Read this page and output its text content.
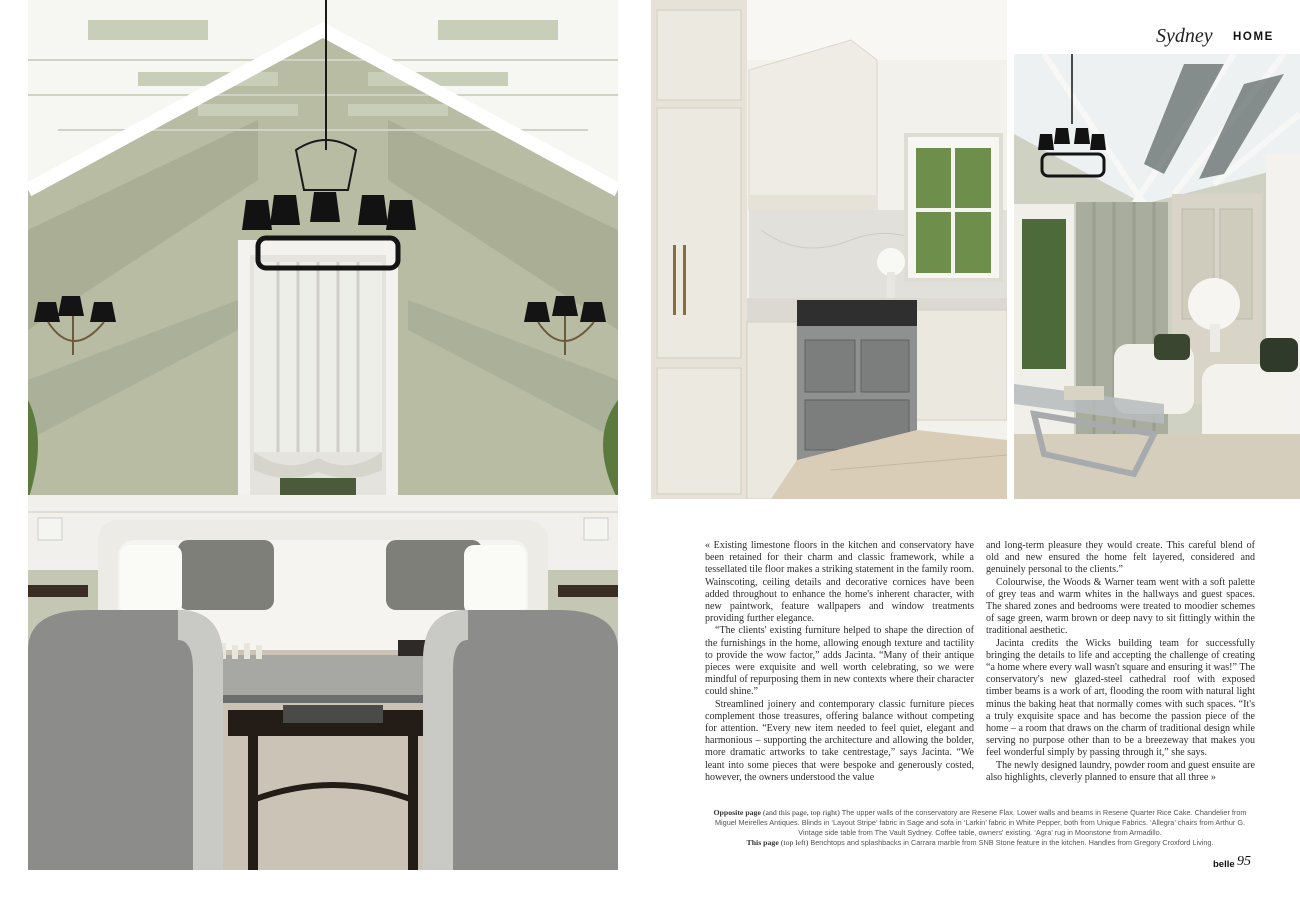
Sydney HOME

« Existing limestone floors in the kitchen and conservatory have been retained for their charm and classic framework, while a tessellated tile floor makes a striking statement in the family room. Wainscoting, ceiling details and decorative cornices have been added throughout to enhance the home's inherent character, with new paintwork, feature wallpapers and window treatments providing further elegance.

“The clients' existing furniture helped to shape the direction of the furnishings in the home, allowing enough texture and tactility to provide the wow factor,” adds Jacinta. “Many of their antique pieces were exquisite and well worth celebrating, so we were mindful of repurposing them in new contexts where their character could shine.”

Streamlined joinery and contemporary classic furniture pieces complement those treasures, offering balance without competing for attention. “Every new item needed to feel quiet, elegant and harmonious – supporting the architecture and allowing the bolder, more dramatic artworks to take centrestage,” says Jacinta. “We leant into some pieces that were bespoke and generously costed, however, the owners understood the value

and long-term pleasure they would create. This careful blend of old and new ensured the home felt layered, considered and genuinely personal to the clients.”

Colourwise, the Woods & Warner team went with a soft palette of grey teas and warm whites in the hallways and guest spaces. The shared zones and bedrooms were treated to moodier schemes of sage green, warm brown or deep navy to sit fittingly within the traditional aesthetic.

Jacinta credits the Wicks building team for successfully bringing the details to life and accepting the challenge of creating “a home where every wall wasn't square and ensuring it was!” The conservatory's new glazed-steel cathedral roof with exposed timber beams is a work of art, flooding the room with natural light minus the baking heat that normally comes with such spaces. “It's a truly exquisite space and has become the passion piece of the home – a room that draws on the charm of traditional design while serving no purpose other than to be a breezeway that makes you feel wonderful simply by passing through it,” she says.

The newly designed laundry, powder room and guest ensuite are also highlights, cleverly planned to ensure that all three »

Opposite page (and this page, top right) The upper walls of the conservatory are Resene Flax. Lower walls and beams in Resene Quarter Rice Cake. Chandelier from Miguel Meirelles Antiques. Blinds in ‘Layout Stripe’ fabric in Sage and sofa in ‘Larkin’ fabric in White Pepper, both from Unique Fabrics. ‘Allegra’ chairs from Arthur G. Vintage side table from The Vault Sydney. Coffee table, owners' existing. ‘Agra’ rug in Moonstone from Armadillo.
This page (top left) Benchtops and splashbacks in Carrara marble from SNB Stone feature in the kitchen. Handles from Gregory Croxford Living.
belle 95
